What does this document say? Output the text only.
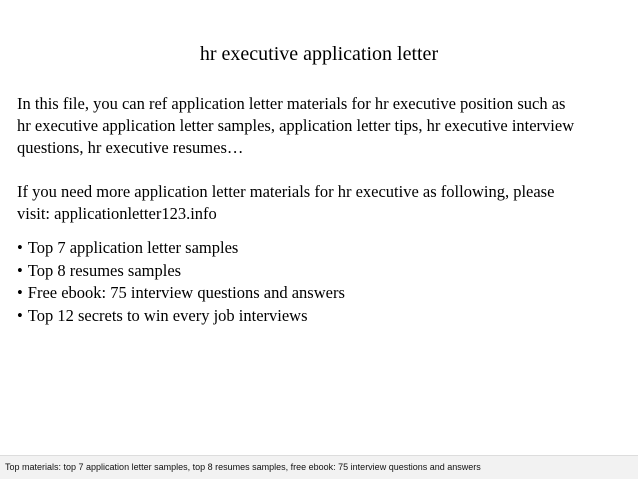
hr executive application letter

In this file, you can ref application letter materials for hr executive position such as
hr executive application letter samples, application letter tips, hr executive interview
questions, hr executive resumes…

If you need more application letter materials for hr executive as following, please
visit: applicationletter123.info

• Top 7 application letter samples
• Top 8 resumes samples
• Free ebook: 75 interview questions and answers
• Top 12 secrets to win every job interviews
Top materials: top 7 application letter samples, top 8 resumes samples, free ebook: 75 interview questions and answers
